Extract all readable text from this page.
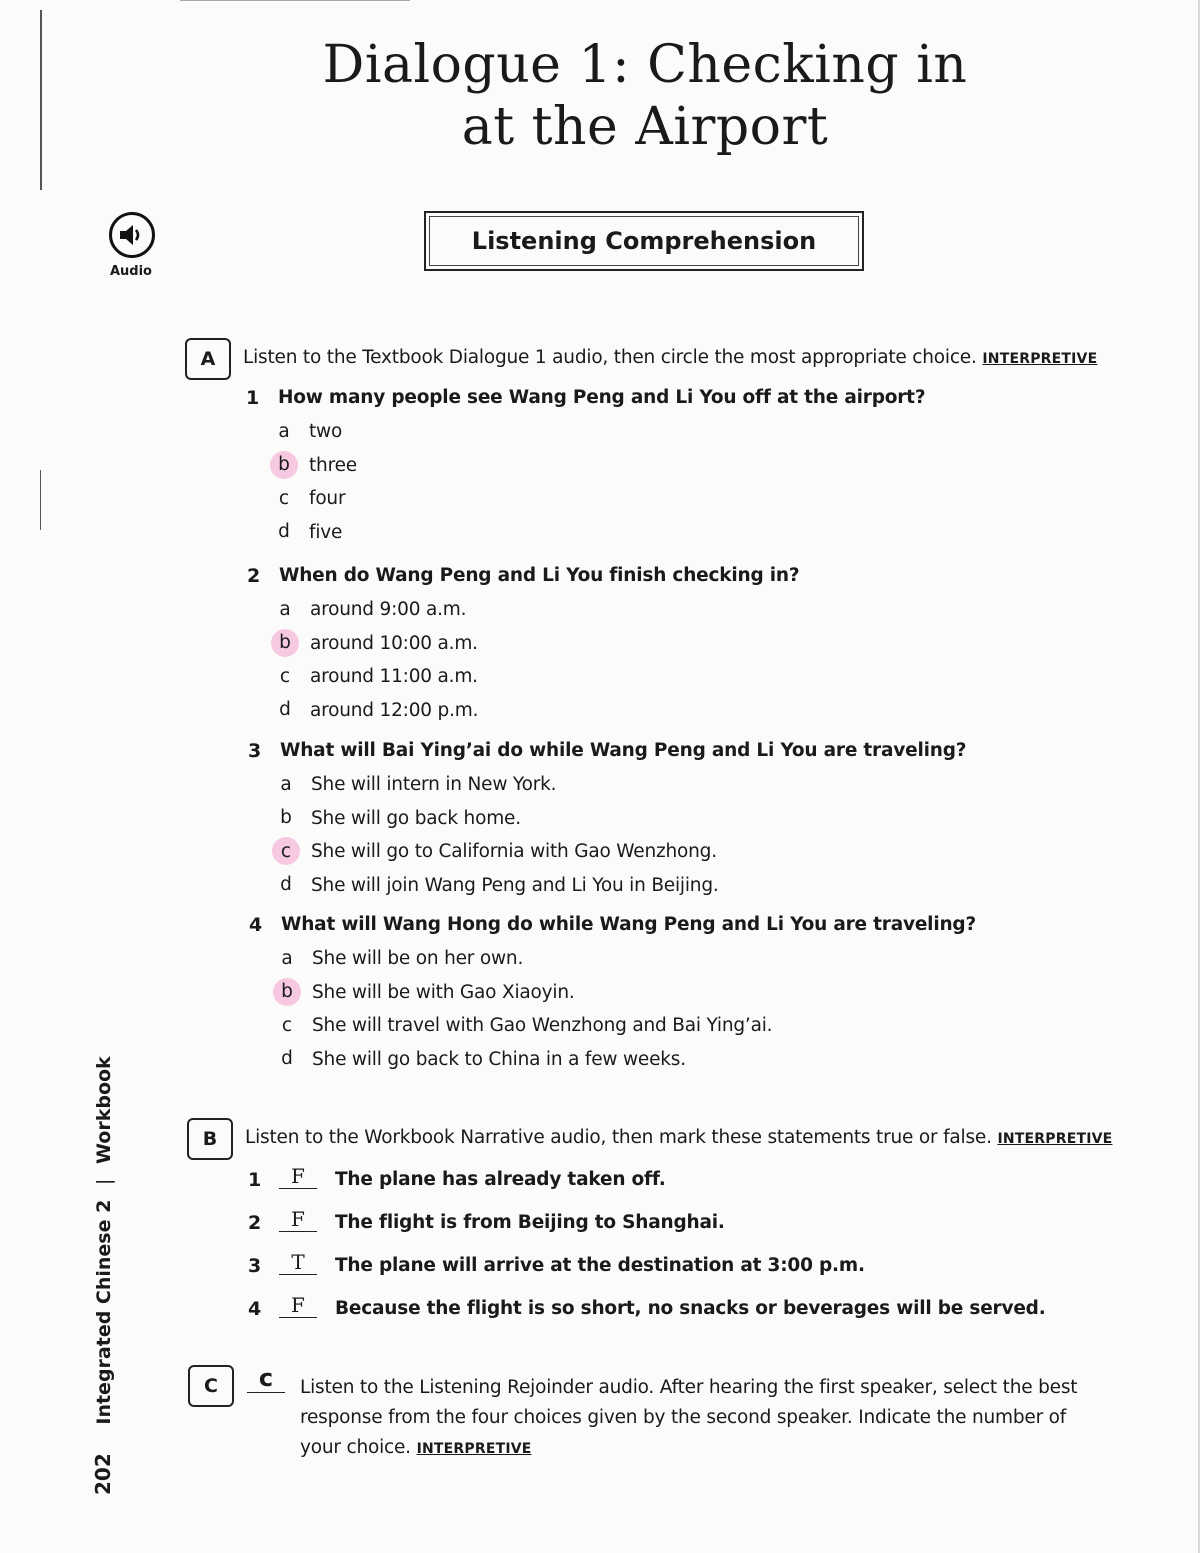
Dialogue 1: Checking in
at the Airport
Audio
Listening Comprehension
A	Listen to the Textbook Dialogue 1 audio, then circle the most appropriate choice. INTERPRETIVE
1 How many people see Wang Peng and Li You off at the airport?
a	two
b	three
c	four
d	five
2 When do Wang Peng and Li You finish checking in?
a	around 9:00 a.m.
b	around 10:00 a.m.
c	around 11:00 a.m.
d	around 12:00 p.m.
3 What will Bai Ying’ai do while Wang Peng and Li You are traveling?
a	She will intern in New York.
b	She will go back home.
c	She will go to California with Gao Wenzhong.
d	She will join Wang Peng and Li You in Beijing.
4 What will Wang Hong do while Wang Peng and Li You are traveling?
a	She will be on her own.
b	She will be with Gao Xiaoyin.
c	She will travel with Gao Wenzhong and Bai Ying’ai.
d	She will go back to China in a few weeks.
B	Listen to the Workbook Narrative audio, then mark these statements true or false. INTERPRETIVE
1	F	The plane has already taken off.
2	F	The flight is from Beijing to Shanghai.
3	T	The plane will arrive at the destination at 3:00 p.m.
4	F	Because the flight is so short, no snacks or beverages will be served.
C	c	Listen to the Listening Rejoinder audio. After hearing the first speaker, select the best response from the four choices given by the second speaker. Indicate the number of your choice. INTERPRETIVE
202 Integrated Chinese 2 | Workbook
